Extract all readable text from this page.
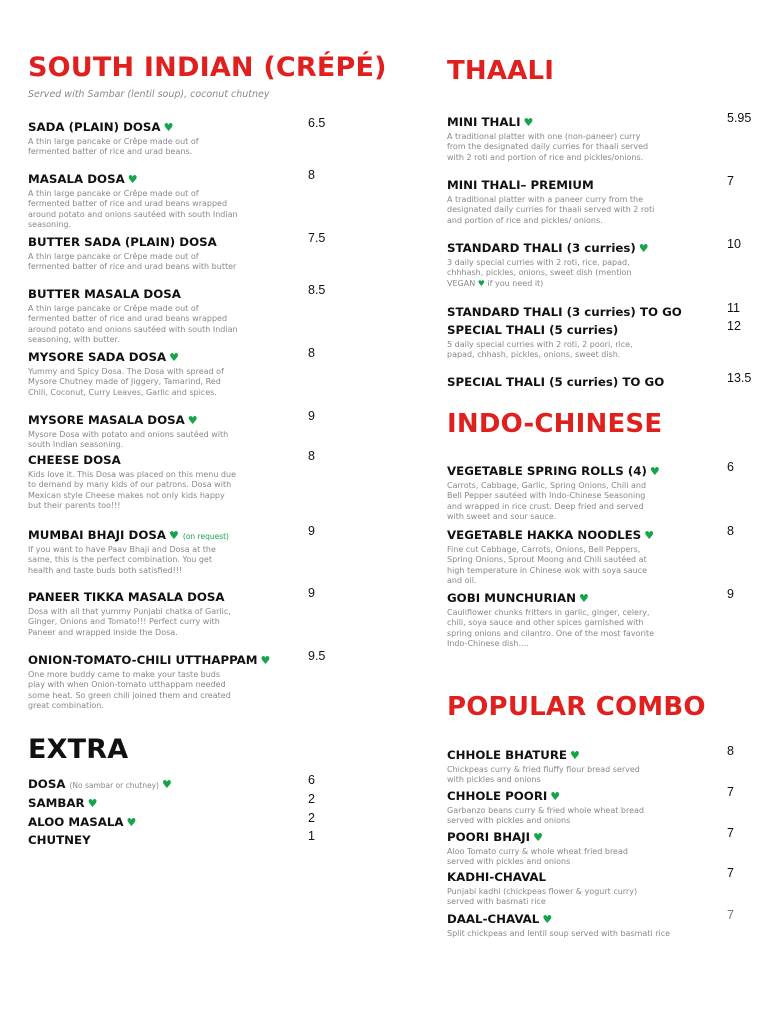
SOUTH INDIAN (CRÉPÉ)
Served with Sambar (lentil soup), coconut chutney
SADA (PLAIN) DOSA ♥	6.5
A thin large pancake or Crêpe made out of fermented batter of rice and urad beans.
MASALA DOSA ♥	8
A thin large pancake or Crêpe made out of fermented batter of rice and urad beans wrapped around potato and onions sautéed with south Indian seasoning.
BUTTER SADA (PLAIN) DOSA	7.5
A thin large pancake or Crêpe made out of fermented batter of rice and urad beans with butter
BUTTER MASALA DOSA	8.5
A thin large pancake or Crêpe made out of fermented batter of rice and urad beans wrapped around potato and onions sautéed with south Indian seasoning, with butter.
MYSORE SADA DOSA ♥	8
Yummy and Spicy Dosa. The Dosa with spread of Mysore Chutney made of Jiggery, Tamarind, Red Chili, Coconut, Curry Leaves, Garlic and spices.
MYSORE MASALA DOSA ♥	9
Mysore Dosa with potato and onions sautéed with south Indian seasoning.
CHEESE DOSA	8
Kids love it. This Dosa was placed on this menu due to demand by many kids of our patrons. Dosa with Mexican style Cheese makes not only kids happy but their parents too!!!
MUMBAI BHAJI DOSA ♥ (on request)	9
If you want to have Paav Bhaji and Dosa at the same, this is the perfect combination. You get health and taste buds both satisfied!!!
PANEER TIKKA MASALA DOSA	9
Dosa with all that yummy Punjabi chatka of Garlic, Ginger, Onions and Tomato!!! Perfect curry with Paneer and wrapped inside the Dosa.
ONION-TOMATO-CHILI UTTHAPPAM ♥	9.5
One more buddy came to make your taste buds play with when Onion-tomato utthappam needed some heat. So green chili joined them and created great combination.
EXTRA
DOSA (No sambar or chutney) ♥	6
SAMBAR ♥	2
ALOO MASALA ♥	2
CHUTNEY	1
THAALI
MINI THALI ♥	5.95
A traditional platter with one (non-paneer) curry from the designated daily curries for thaali served with 2 roti and portion of rice and pickles/onions.
MINI THALI– PREMIUM	7
A traditional platter with a paneer curry from the designated daily curries for thaali served with 2 roti and portion of rice and pickles/ onions.
STANDARD THALI (3 curries) ♥	10
3 daily special curries with 2 roti, rice, papad, chhhash, pickles, onions, sweet dish (mention VEGAN ♥ if you need it)
STANDARD THALI (3 curries) TO GO	11
SPECIAL THALI (5 curries)	12
5 daily special curries with 2 roti, 2 poori, rice, papad, chhash, pickles, onions, sweet dish.
SPECIAL THALI (5 curries) TO GO	13.5
INDO-CHINESE
VEGETABLE SPRING ROLLS (4) ♥	6
Carrots, Cabbage, Garlic, Spring Onions, Chili and Bell Pepper sautéed with Indo-Chinese Seasoning and wrapped in rice crust. Deep fried and served with sweet and sour sauce.
VEGETABLE HAKKA NOODLES ♥	8
Fine cut Cabbage, Carrots, Onions, Bell Peppers, Spring Onions, Sprout Moong and Chili sautéed at high temperature in Chinese wok with soya sauce and oil.
GOBI MUNCHURIAN ♥	9
Cauliflower chunks fritters in garlic, ginger, celery, chili, soya sauce and other spices garnished with spring onions and cilantro. One of the most favorite Indo-Chinese dish....
POPULAR COMBO
CHHOLE BHATURE ♥	8
Chickpeas curry & fried fluffy flour bread served with pickles and onions
CHHOLE POORI ♥	7
Garbanzo beans curry & fried whole wheat bread served with pickles and onions
POORI BHAJI ♥	7
Aloo Tomato curry & whole wheat fried bread served with pickles and onions
KADHI-CHAVAL	7
Punjabi kadhi (chickpeas flower & yogurt curry) served with basmati rice
DAAL-CHAVAL ♥	7
Split chickpeas and lentil soup served with basmati rice
